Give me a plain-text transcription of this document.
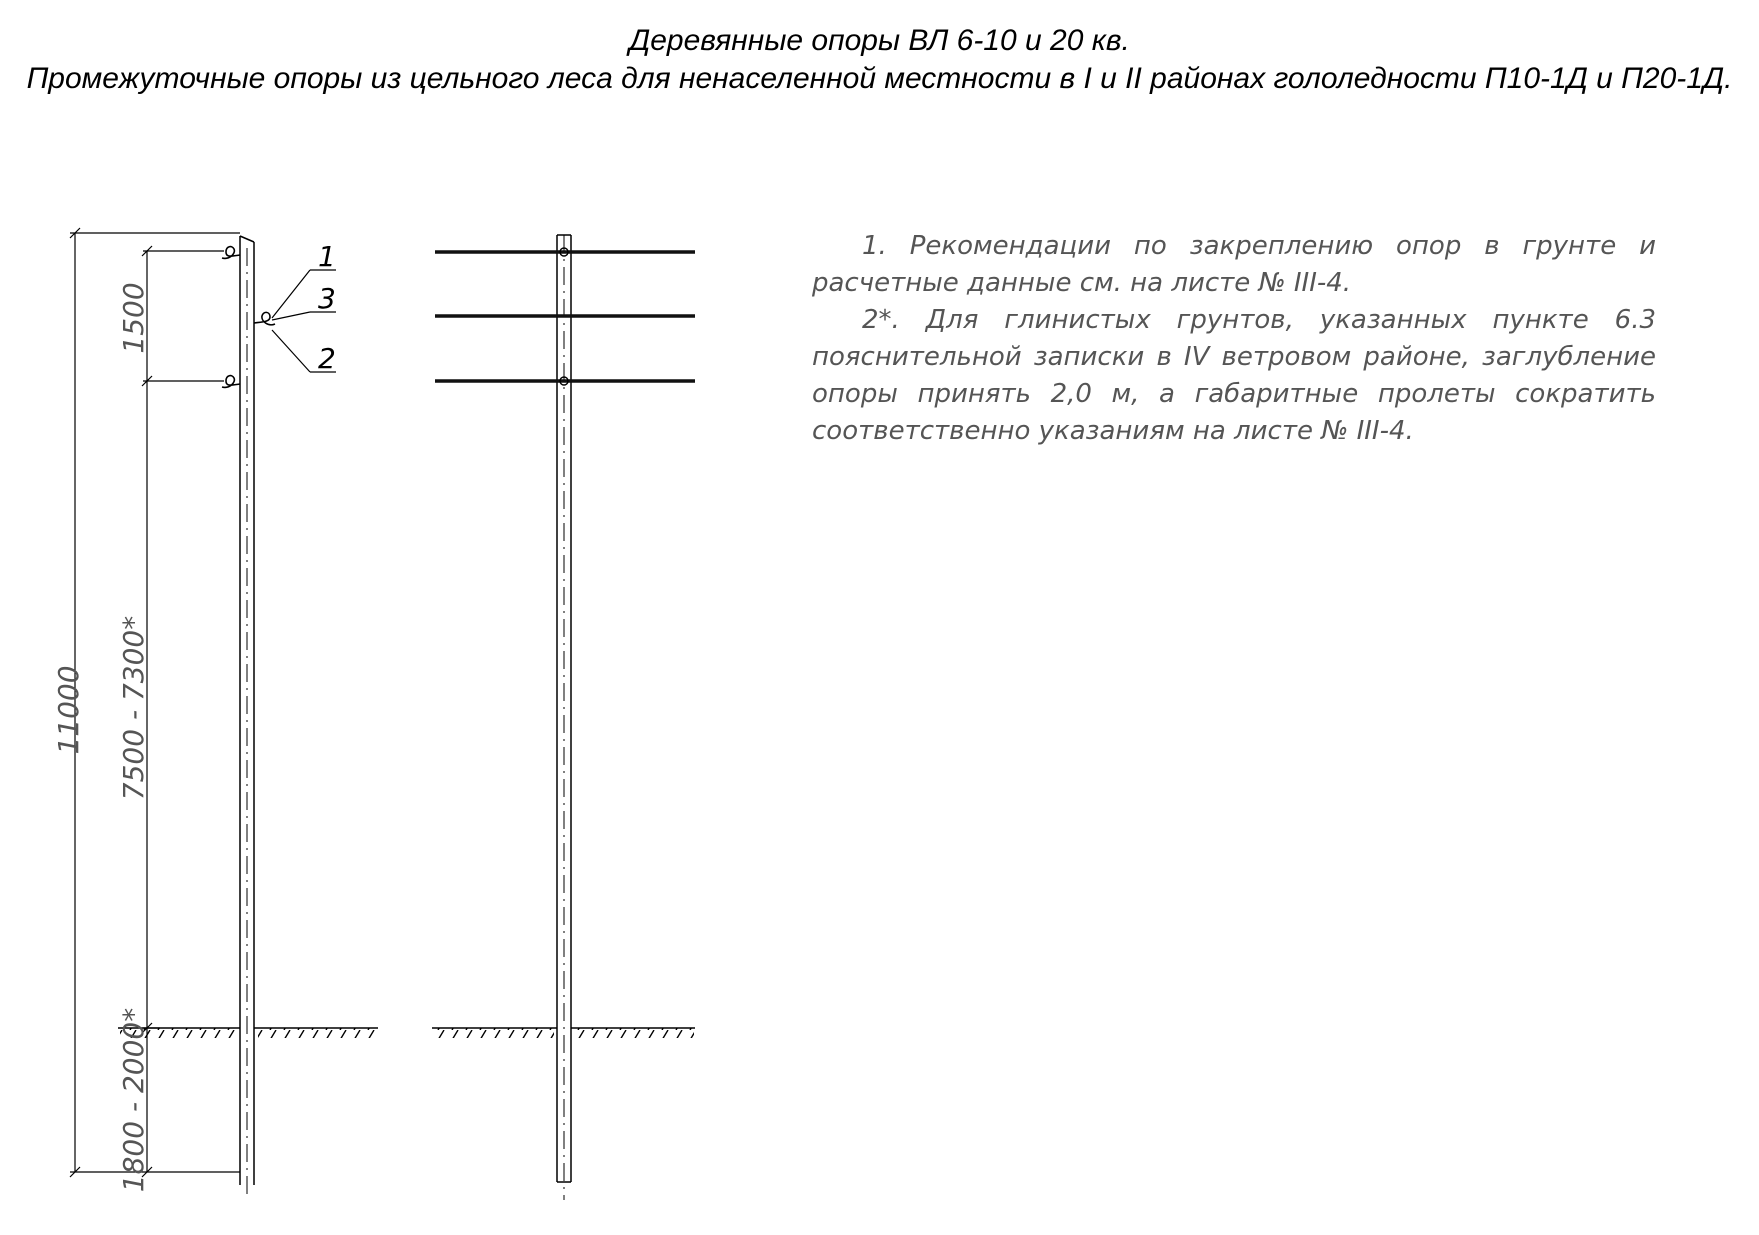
Деревянные опоры ВЛ 6-10 и 20 кв.
Промежуточные опоры из цельного леса для ненаселенной местности в I и II районах гололедности П10-1Д и П20-1Д.
11000
1500
7500 - 7300*
1800 - 2000*
1
3
2

1. Рекомендации по закреплению опор в грунте и расчетные данные см. на листе № III-4.

2*. Для глинистых грунтов, указанных пункте 6.3 пояснительной записки в IV ветровом районе, заглубление опоры принять 2,0 м, а габаритные пролеты сократить соответственно указаниям на листе № III-4.
